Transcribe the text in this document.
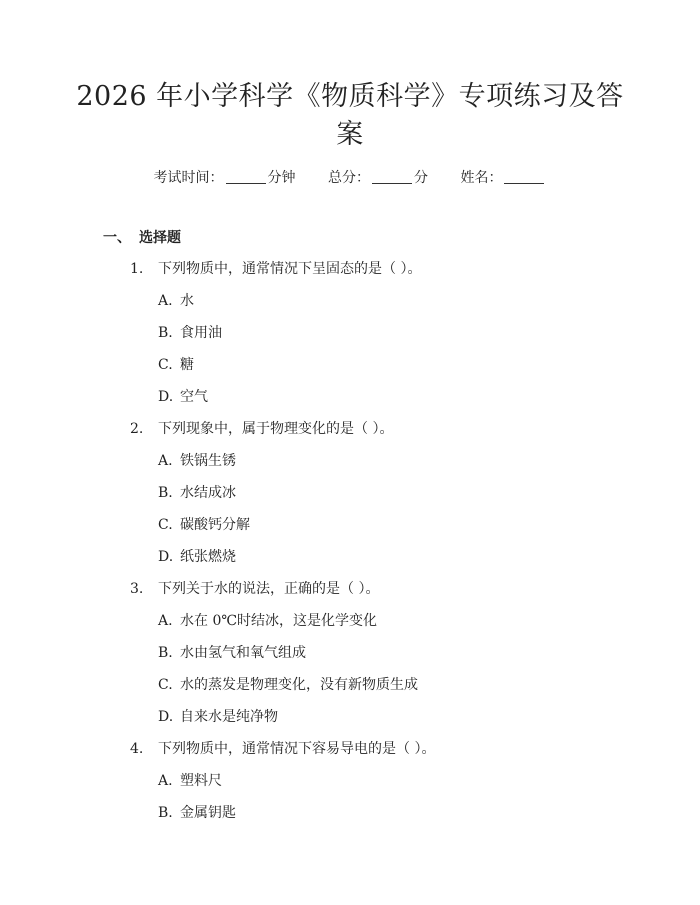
2026 年小学科学《物质科学》专项练习及答
案
考试时间：	分钟 总分：	分 姓名：
一、 选择题
1. 下列物质中，通常情况下呈固态的是（ ）。
A. 水
B. 食用油
C. 糖
D. 空气
2. 下列现象中，属于物理变化的是（ ）。
A. 铁锅生锈
B. 水结成冰
C. 碳酸钙分解
D. 纸张燃烧
3. 下列关于水的说法，正确的是（ ）。
A. 水在 0℃时结冰，这是化学变化
B. 水由氢气和氧气组成
C. 水的蒸发是物理变化，没有新物质生成
D. 自来水是纯净物
4. 下列物质中，通常情况下容易导电的是（ ）。
A. 塑料尺
B. 金属钥匙
